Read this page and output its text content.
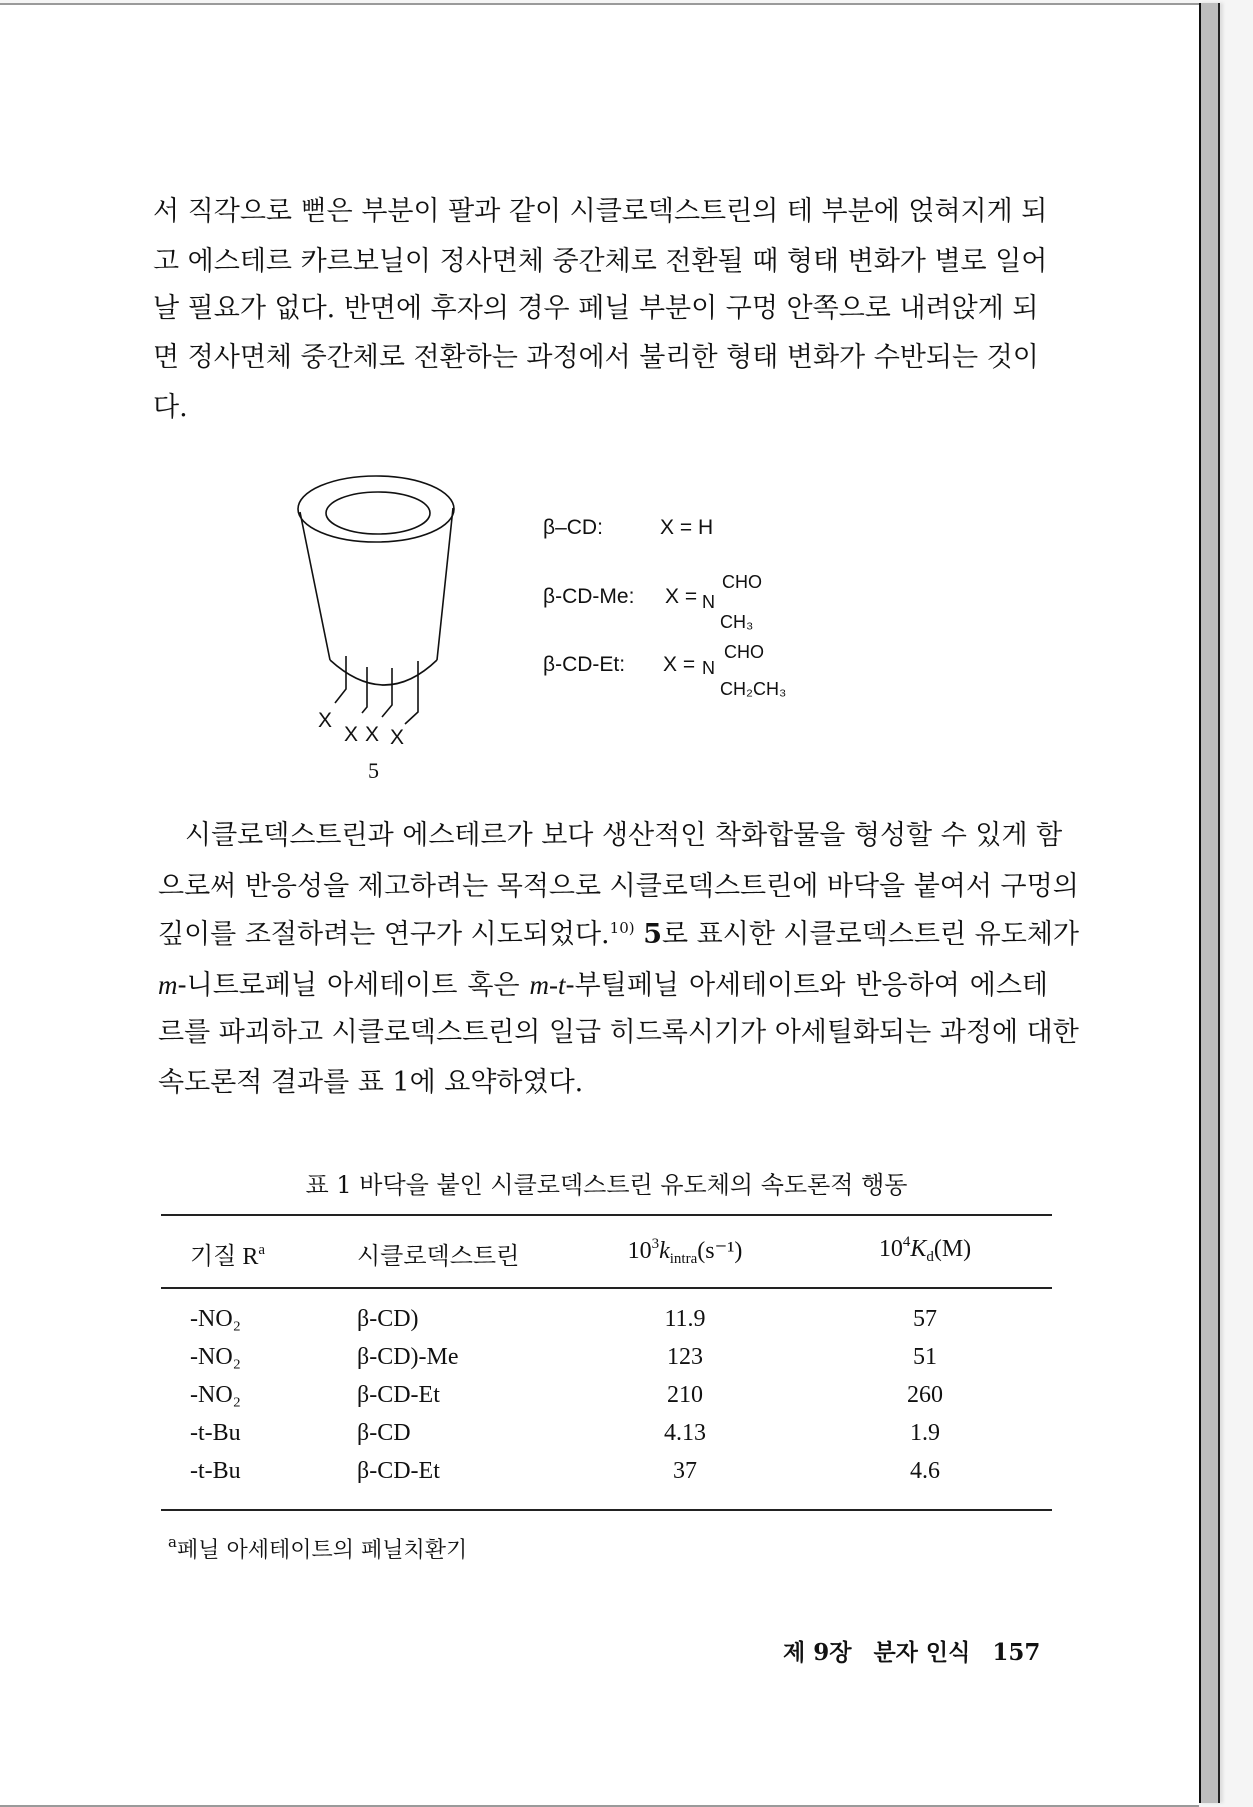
서 직각으로 뻗은 부분이 팔과 같이 시클로덱스트린의 테 부분에 얹혀지게 되
고 에스테르 카르보닐이 정사면체 중간체로 전환될 때 형태 변화가 별로 일어
날 필요가 없다. 반면에 후자의 경우 페닐 부분이 구멍 안쪽으로 내려앉게 되
면 정사면체 중간체로 전환하는 과정에서 불리한 형태 변화가 수반되는 것이
다.
X
X X X
5
β–CD:	X = H
β-CD-Me: X = N
CHO
CH₃
β-CD-Et: X = N
CHO
CH₂CH₃
시클로덱스트린과 에스테르가 보다 생산적인 착화합물을 형성할 수 있게 함
으로써 반응성을 제고하려는 목적으로 시클로덱스트린에 바닥을 붙여서 구멍의
깊이를 조절하려는 연구가 시도되었다.$^{10)}$ 5로 표시한 시클로덱스트린 유도체가
m-니트로페닐 아세테이트 혹은 m-t-부틸페닐 아세테이트와 반응하여 에스테
르를 파괴하고 시클로덱스트린의 일급 히드록시기가 아세틸화되는 과정에 대한
속도론적 결과를 표 1에 요약하였다.
표 1 바닥을 붙인 시클로덱스트린 유도체의 속도론적 행동
기질 $R^a$	시클로덱스트린	$10^3k_{intra}(s^{-1})$	$10^4K_d(M)$
-NO₂	β-CD)	11.9	57
-NO₂	β-CD)-Me	123	51
-NO₂	β-CD-Et	210	260
-t-Bu	β-CD	4.13	1.9
-t-Bu	β-CD-Et	37	4.6
$^a$페닐 아세테이트의 페닐치환기
제 9장 분자 인식 157
